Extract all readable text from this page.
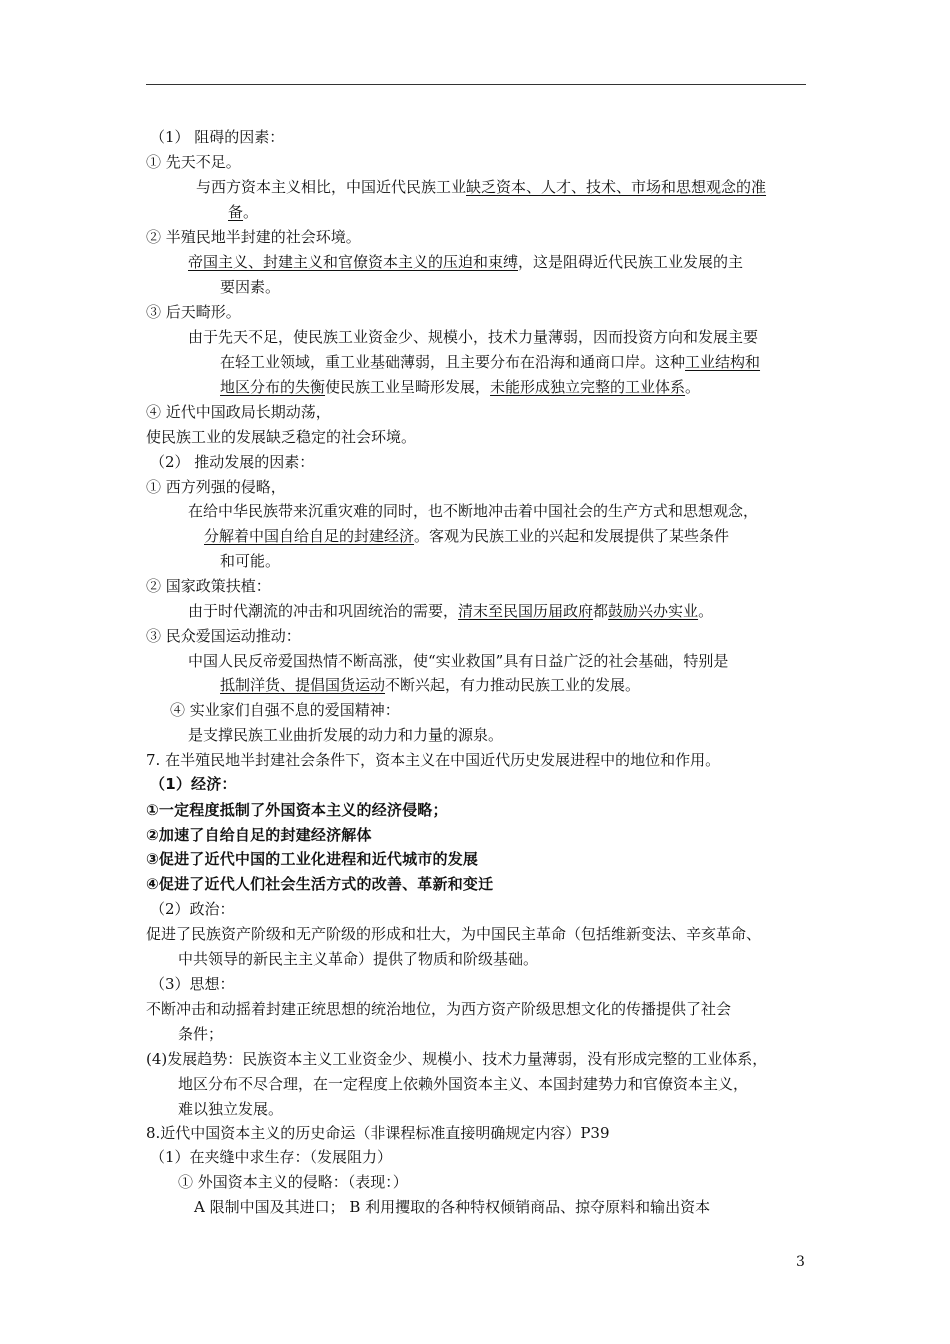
（1） 阻碍的因素：
① 先天不足。
与西方资本主义相比，中国近代民族工业缺乏资本、人才、技术、市场和思想观念的准
备。
② 半殖民地半封建的社会环境。
帝国主义、封建主义和官僚资本主义的压迫和束缚，这是阻碍近代民族工业发展的主
要因素。
③ 后天畸形。
由于先天不足，使民族工业资金少、规模小，技术力量薄弱，因而投资方向和发展主要
在轻工业领域，重工业基础薄弱，且主要分布在沿海和通商口岸。这种工业结构和
地区分布的失衡使民族工业呈畸形发展，未能形成独立完整的工业体系。
④ 近代中国政局长期动荡，
使民族工业的发展缺乏稳定的社会环境。
（2） 推动发展的因素：
① 西方列强的侵略，
在给中华民族带来沉重灾难的同时，也不断地冲击着中国社会的生产方式和思想观念，
分解着中国自给自足的封建经济。客观为民族工业的兴起和发展提供了某些条件
和可能。
② 国家政策扶植：
由于时代潮流的冲击和巩固统治的需要，清末至民国历届政府都鼓励兴办实业。
③ 民众爱国运动推动：
中国人民反帝爱国热情不断高涨，使“实业救国”具有日益广泛的社会基础，特别是
抵制洋货、提倡国货运动不断兴起，有力推动民族工业的发展。
④ 实业家们自强不息的爱国精神：
是支撑民族工业曲折发展的动力和力量的源泉。
7. 在半殖民地半封建社会条件下，资本主义在中国近代历史发展进程中的地位和作用。
（1）经济：
①一定程度抵制了外国资本主义的经济侵略；
②加速了自给自足的封建经济解体
③促进了近代中国的工业化进程和近代城市的发展
④促进了近代人们社会生活方式的改善、革新和变迁
（2）政治：
促进了民族资产阶级和无产阶级的形成和壮大，为中国民主革命（包括维新变法、辛亥革命、
中共领导的新民主主义革命）提供了物质和阶级基础。
（3）思想：
不断冲击和动摇着封建正统思想的统治地位，为西方资产阶级思想文化的传播提供了社会
条件；
(4)发展趋势：民族资本主义工业资金少、规模小、技术力量薄弱，没有形成完整的工业体系，
地区分布不尽合理，在一定程度上依赖外国资本主义、本国封建势力和官僚资本主义，
难以独立发展。
8.近代中国资本主义的历史命运（非课程标准直接明确规定内容）P39
（1）在夹缝中求生存：（发展阻力）
① 外国资本主义的侵略：（表现：）
A 限制中国及其进口； B 利用攫取的各种特权倾销商品、掠夺原料和输出资本
3
